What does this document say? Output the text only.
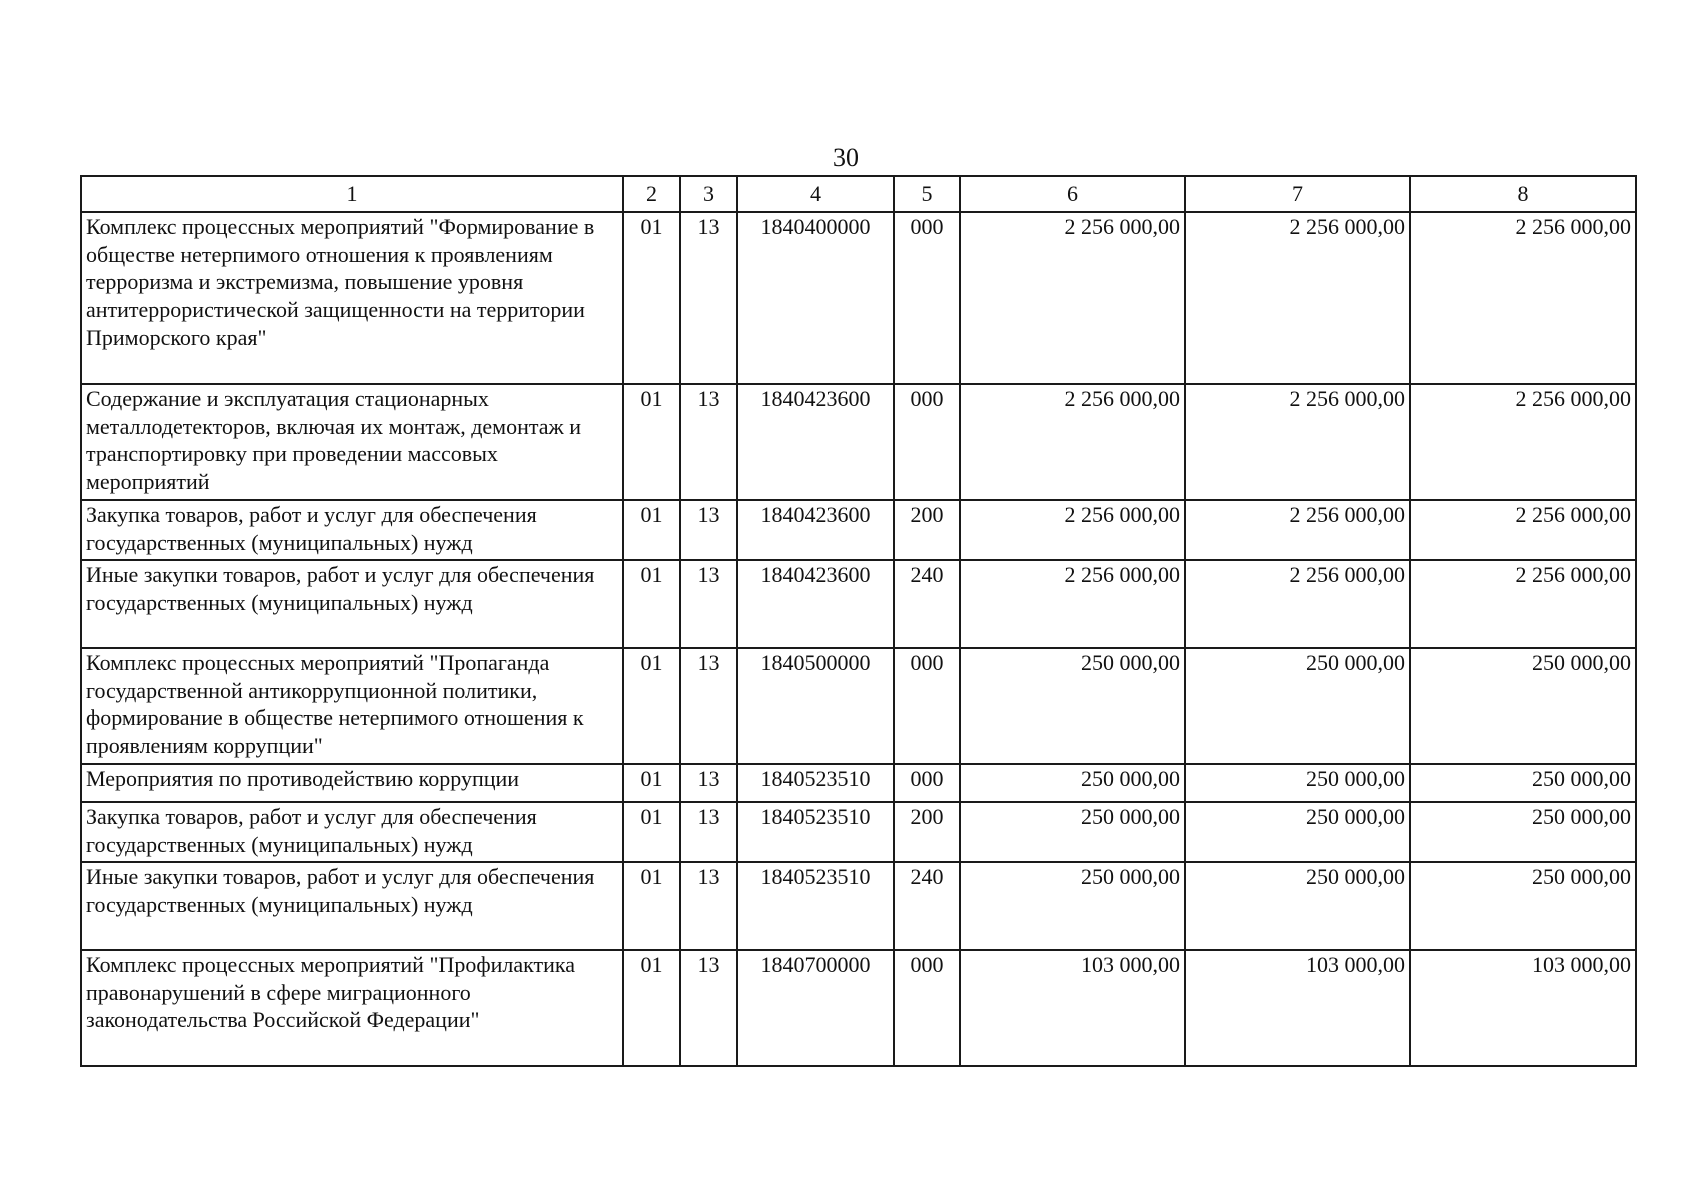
30
1	2	3	4	5	6	7	8
Комплекс процессных мероприятий "Формирование в обществе нетерпимого отношения к проявлениям терроризма и экстремизма, повышение уровня антитеррористической защищенности на территории Приморского края"	01	13	1840400000	000	2 256 000,00	2 256 000,00	2 256 000,00
Содержание и эксплуатация стационарных металлодетекторов, включая их монтаж, демонтаж и транспортировку при проведении массовых мероприятий	01	13	1840423600	000	2 256 000,00	2 256 000,00	2 256 000,00
Закупка товаров, работ и услуг для обеспечения государственных (муниципальных) нужд	01	13	1840423600	200	2 256 000,00	2 256 000,00	2 256 000,00
Иные закупки товаров, работ и услуг для обеспечения государственных (муниципальных) нужд	01	13	1840423600	240	2 256 000,00	2 256 000,00	2 256 000,00
Комплекс процессных мероприятий "Пропаганда государственной антикоррупционной политики, формирование в обществе нетерпимого отношения к проявлениям коррупции"	01	13	1840500000	000	250 000,00	250 000,00	250 000,00
Мероприятия по противодействию коррупции	01	13	1840523510	000	250 000,00	250 000,00	250 000,00
Закупка товаров, работ и услуг для обеспечения государственных (муниципальных) нужд	01	13	1840523510	200	250 000,00	250 000,00	250 000,00
Иные закупки товаров, работ и услуг для обеспечения государственных (муниципальных) нужд	01	13	1840523510	240	250 000,00	250 000,00	250 000,00
Комплекс процессных мероприятий "Профилактика правонарушений в сфере миграционного законодательства Российской Федерации"	01	13	1840700000	000	103 000,00	103 000,00	103 000,00
